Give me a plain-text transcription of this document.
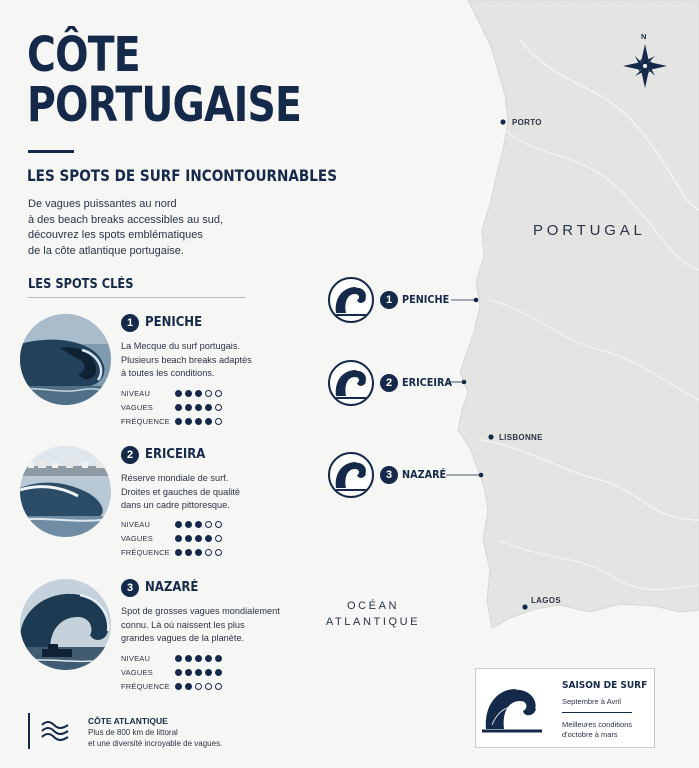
CÔTE
PORTUGAISE
LES SPOTS DE SURF INCONTOURNABLES
De vagues puissantes au nord
à des beach breaks accessibles au sud,
découvrez les spots emblématiques
de la côte atlantique portugaise.
LES SPOTS CLÉS
1 PENICHE
La Mecque du surf portugais.
Plusieurs beach breaks adaptés
à toutes les conditions.
NIVEAU
VAGUES
FRÉQUENCE
2 ERICEIRA
Réserve mondiale de surf.
Droites et gauches de qualité
dans un cadre pittoresque.
NIVEAU
VAGUES
FRÉQUENCE
3 NAZARÉ
Spot de grosses vagues mondialement
connu. Là où naissent les plus
grandes vagues de la planète.
NIVEAU
VAGUES
FRÉQUENCE
CÔTE ATLANTIQUE
Plus de 800 km de littoral
et une diversité incroyable de vagues.
N
PORTO
LISBONNE
LAGOS
PORTUGAL
OCÉAN
ATLANTIQUE
1 PENICHE
2 ERICEIRA
3 NAZARÉ
SAISON DE SURF
Septembre à Avril
Meilleures conditions
d'octobre à mars
